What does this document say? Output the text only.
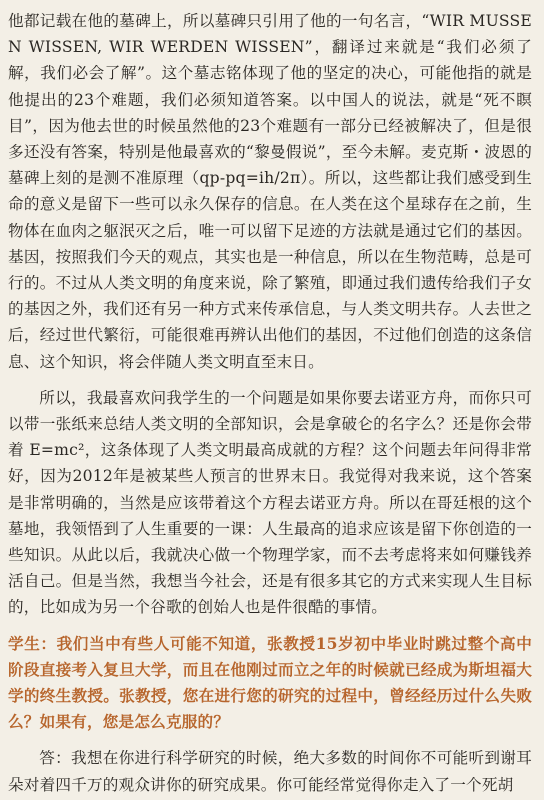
他都记载在他的墓碑上，所以墓碑只引用了他的一句名言，“WIR MUSSEN WISSEN, WIR WERDEN WISSEN”，翻译过来就是“我们必须了解，我们必会了解”。这个墓志铭体现了他的坚定的决心，可能他指的就是他提出的23个难题，我们必须知道答案。以中国人的说法，就是“死不瞑目”，因为他去世的时候虽然他的23个难题有一部分已经被解决了，但是很多还没有答案，特别是他最喜欢的“黎曼假说”，至今未解。麦克斯・波恩的墓碑上刻的是测不准原理（qp-pq=ih/2π）。所以，这些都让我们感受到生命的意义是留下一些可以永久保存的信息。在人类在这个星球存在之前，生物体在血肉之躯泯灭之后，唯一可以留下足迹的方法就是通过它们的基因。基因，按照我们今天的观点，其实也是一种信息，所以在生物范畴，总是可行的。不过从人类文明的角度来说，除了繁殖，即通过我们遗传给我们子女的基因之外，我们还有另一种方式来传承信息，与人类文明共存。人去世之后，经过世代繁衍，可能很难再辨认出他们的基因，不过他们创造的这条信息、这个知识，将会伴随人类文明直至末日。

所以，我最喜欢问我学生的一个问题是如果你要去诺亚方舟，而你只可以带一张纸来总结人类文明的全部知识，会是拿破仑的名字么？还是你会带着 E=mc²，这条体现了人类文明最高成就的方程？这个问题去年问得非常好，因为2012年是被某些人预言的世界末日。我觉得对我来说，这个答案是非常明确的，当然是应该带着这个方程去诺亚方舟。所以在哥廷根的这个墓地，我领悟到了人生重要的一课：人生最高的追求应该是留下你创造的一些知识。从此以后，我就决心做一个物理学家，而不去考虑将来如何赚钱养活自己。但是当然，我想当今社会，还是有很多其它的方式来实现人生目标的，比如成为另一个谷歌的创始人也是件很酷的事情。

学生：我们当中有些人可能不知道，张教授15岁初中毕业时跳过整个高中阶段直接考入复旦大学，而且在他刚过而立之年的时候就已经成为斯坦福大学的终生教授。张教授，您在进行您的研究的过程中，曾经经历过什么失败么？如果有，您是怎么克服的？

答：我想在你进行科学研究的时候，绝大多数的时间你不可能听到谢耳朵对着四千万的观众讲你的研究成果。你可能经常觉得你走入了一个死胡
